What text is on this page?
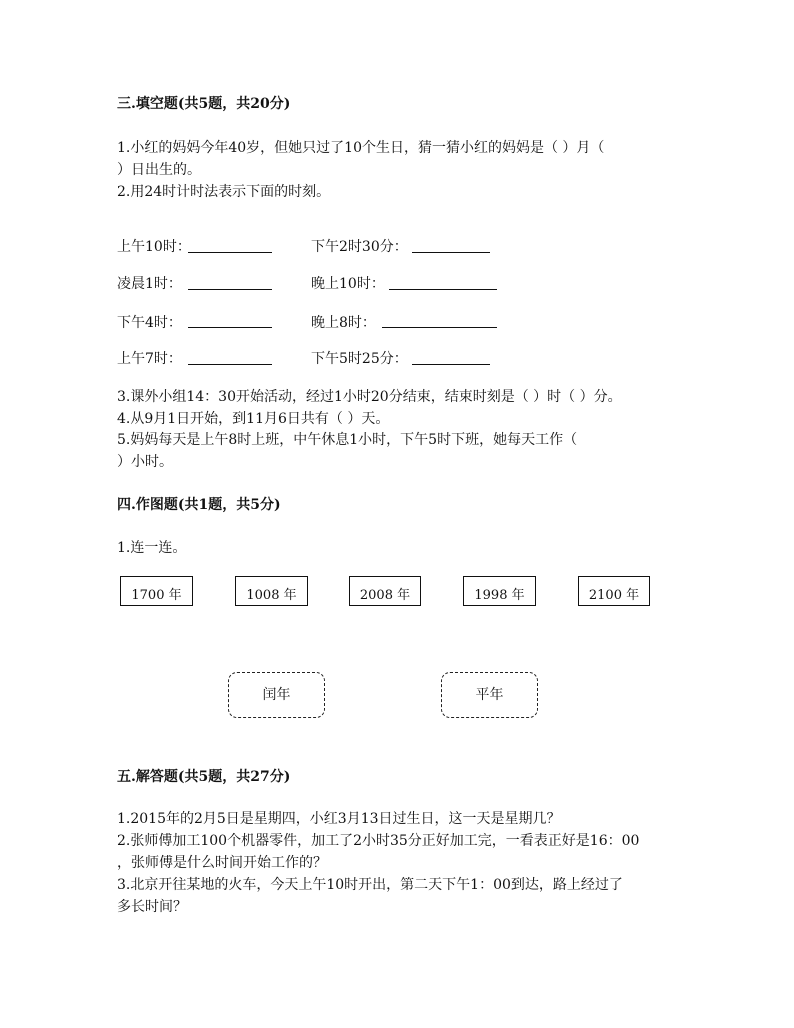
三.填空题(共5题，共20分)
1.小红的妈妈今年40岁，但她只过了10个生日，猜一猜小红的妈妈是（ ）月（
）日出生的。
2.用24时计时法表示下面的时刻。
上午10时：	下午2时30分：
凌晨1时：	晚上10时：
下午4时：	晚上8时：
上午7时：	下午5时25分：
3.课外小组14：30开始活动，经过1小时20分结束，结束时刻是（ ）时（ ）分。
4.从9月1日开始，到11月6日共有（ ）天。
5.妈妈每天是上午8时上班，中午休息1小时，下午5时下班，她每天工作（
）小时。
四.作图题(共1题，共5分)
1.连一连。
1700 年	1008 年	2008 年	1998 年	2100 年
闰年	平年
五.解答题(共5题，共27分)
1.2015年的2月5日是星期四，小红3月13日过生日，这一天是星期几？
2.张师傅加工100个机器零件，加工了2小时35分正好加工完，一看表正好是16：00
，张师傅是什么时间开始工作的？
3.北京开往某地的火车，今天上午10时开出，第二天下午1：00到达，路上经过了
多长时间？
